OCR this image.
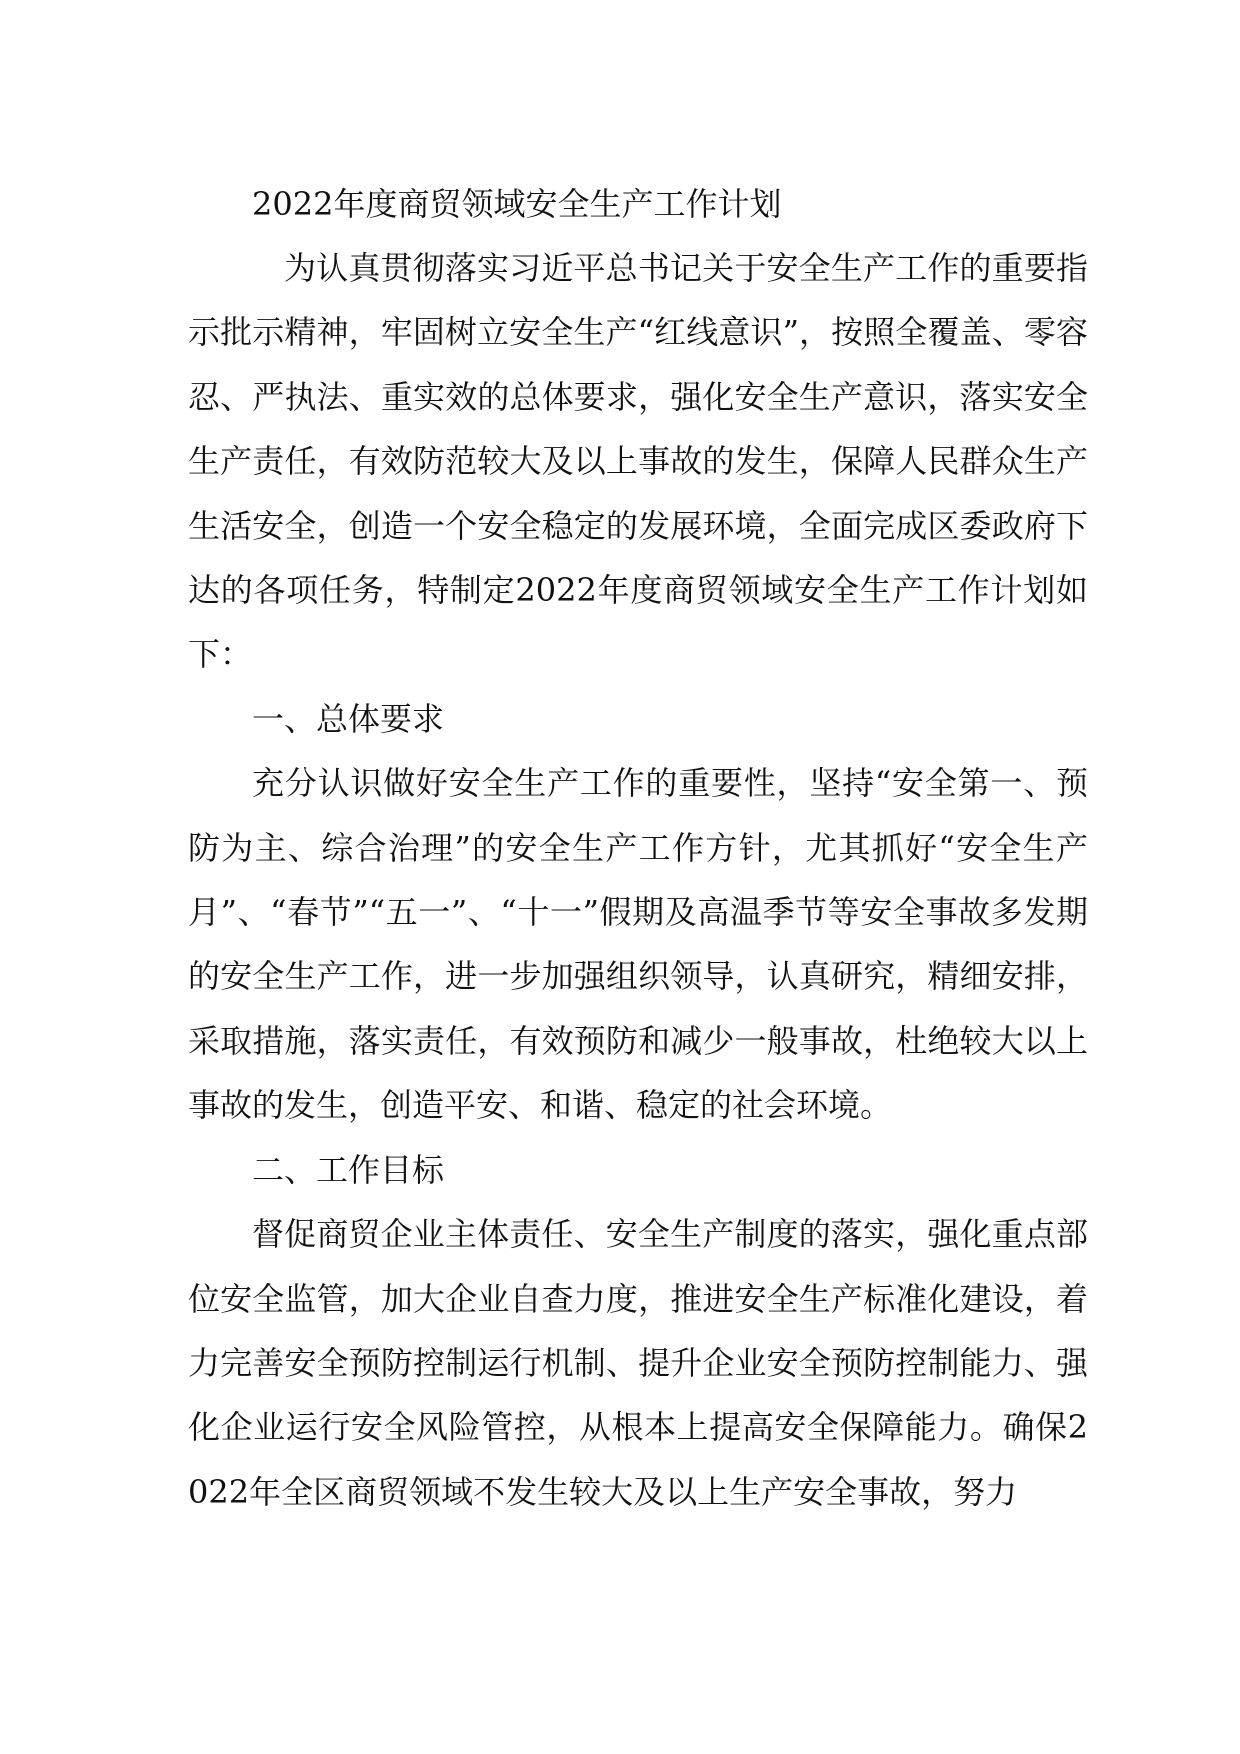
2022年度商贸领域安全生产工作计划

为认真贯彻落实习近平总书记关于安全生产工作的重要指示批示精神，牢固树立安全生产“红线意识”，按照全覆盖、零容忍、严执法、重实效的总体要求，强化安全生产意识，落实安全生产责任，有效防范较大及以上事故的发生，保障人民群众生产生活安全，创造一个安全稳定的发展环境，全面完成区委政府下达的各项任务，特制定2022年度商贸领域安全生产工作计划如下：

一、总体要求

充分认识做好安全生产工作的重要性，坚持“安全第一、预防为主、综合治理”的安全生产工作方针，尤其抓好“安全生产月”、“春节”“五一”、“十一”假期及高温季节等安全事故多发期的安全生产工作，进一步加强组织领导，认真研究，精细安排，采取措施，落实责任，有效预防和减少一般事故，杜绝较大以上事故的发生，创造平安、和谐、稳定的社会环境。

二、工作目标

督促商贸企业主体责任、安全生产制度的落实，强化重点部位安全监管，加大企业自查力度，推进安全生产标准化建设，着力完善安全预防控制运行机制、提升企业安全预防控制能力、强化企业运行安全风险管控，从根本上提高安全保障能力。确保2022年全区商贸领域不发生较大及以上生产安全事故，努力
